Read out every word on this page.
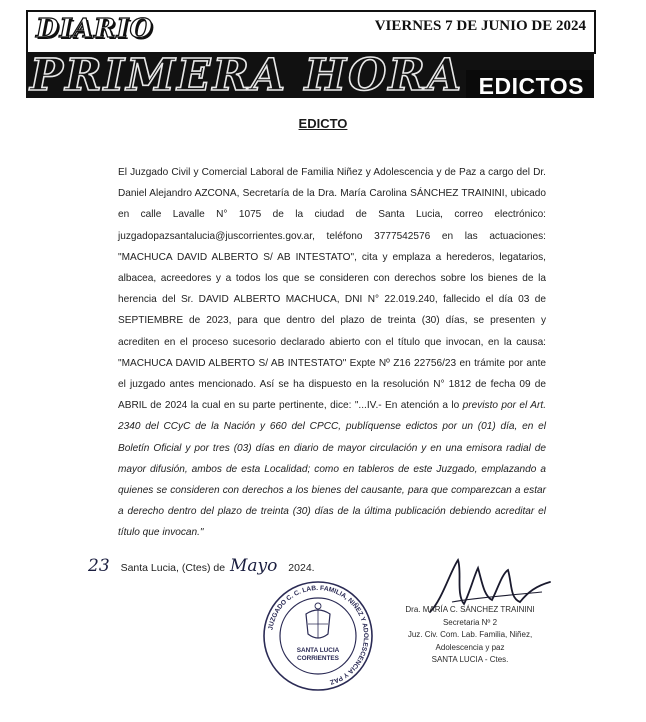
DIARIO	VIERNES 7 DE JUNIO DE 2024
PRIMERA HORA EDICTOS
EDICTO

El Juzgado Civil y Comercial Laboral de Familia Niñez y Adolescencia y de Paz a cargo del Dr. Daniel Alejandro AZCONA, Secretaría de la Dra. María Carolina SÁNCHEZ TRAININI, ubicado en calle Lavalle N° 1075 de la ciudad de Santa Lucia, correo electrónico: juzgadopazsantalucia@juscorrientes.gov.ar, teléfono 3777542576 en las actuaciones: "MACHUCA DAVID ALBERTO S/ AB INTESTATO", cita y emplaza a herederos, legatarios, albacea, acreedores y a todos los que se consideren con derechos sobre los bienes de la herencia del Sr. DAVID ALBERTO MACHUCA, DNI N° 22.019.240, fallecido el día 03 de SEPTIEMBRE de 2023, para que dentro del plazo de treinta (30) días, se presenten y acrediten en el proceso sucesorio declarado abierto con el título que invocan, en la causa: "MACHUCA DAVID ALBERTO S/ AB INTESTATO" Expte Nº Z16 22756/23 en trámite por ante el juzgado antes mencionado. Así se ha dispuesto en la resolución N° 1812 de fecha 09 de ABRIL de 2024 la cual en su parte pertinente, dice: "...IV.- En atención a lo previsto por el Art. 2340 del CCyC de la Nación y 660 del CPCC, publíquense edictos por un (01) día, en el Boletín Oficial y por tres (03) días en diario de mayor circulación y en una emisora radial de mayor difusión, ambos de esta Localidad; como en tableros de este Juzgado, emplazando a quienes se consideren con derechos a los bienes del causante, para que comparezcan a estar a derecho dentro del plazo de treinta (30) días de la última publicación debiendo acreditar el título que invocan."

23 Santa Lucia, (Ctes) de Mayo 2024.
JUZGADO C. C. LAB. FAMILIA, NIÑEZ Y ADOLESCENCIA Y PAZ
SANTA LUCIA
CORRIENTES
Dra. MARÍA C. SÁNCHEZ TRAININI
Secretaria Nº 2
Juz. Civ. Com. Lab. Familia, Niñez,
Adolescencia y paz
SANTA LUCIA - Ctes.
